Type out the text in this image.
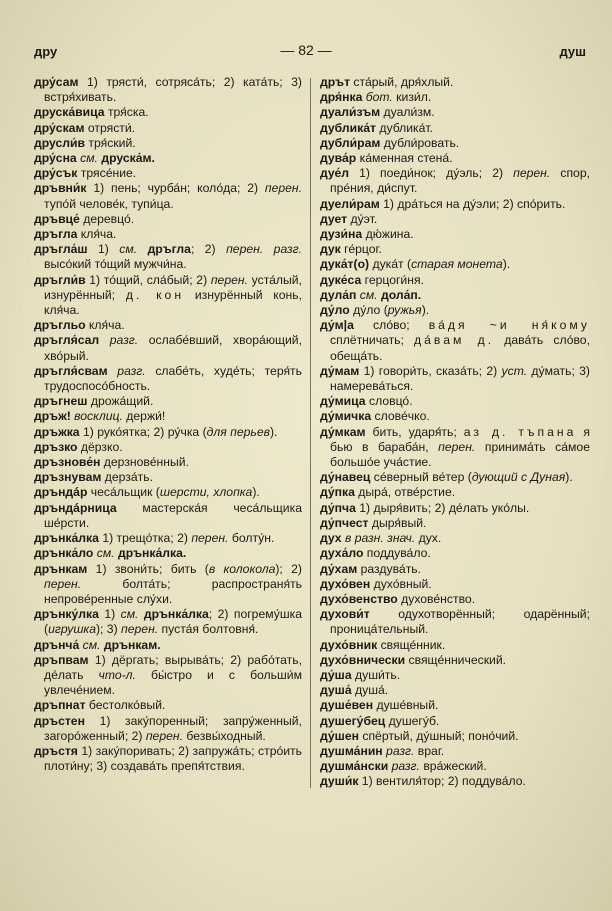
дру	— 82 —	душ
дру́сам 1) трясти́, сотряса́ть; 2) ката́ть; 3) встря́хивать.
друска́вица тря́ска.
дру́скам отрясти́.
друсли́в тря́ский.
дру́сна см. друска́м.
дру́сък трясе́ние.
дръвни́к 1) пень; чурба́н; коло́да; 2) перен. тупо́й челове́к, тупи́ца.
дръвце́ деревцо́.
дръгла кля́ча.
дръгла́ш 1) см. дръгла; 2) перен. разг. высо́кий то́щий мужчи́на.
дръгли́в 1) то́щий, сла́бый; 2) перен. уста́лый, изнурённый; д. кон изнурённый конь, кля́ча.
дръгльо кля́ча.
дръгля́сал разг. ослабе́вший, хвора́ющий, хво́рый.
дръгля́свам разг. слабе́ть, худе́ть; теря́ть трудоспосо́бность.
дръгнеш дрожа́щий.
дръж! восклиц. держи́!
дръжка 1) руко́ятка; 2) ру́чка (для перьев).
дръзко дёрзко.
дръзнове́н дерзнове́нный.
дръзнувам дерза́ть.
дръндáр чеса́льщик (шерсти, хлопка).
дръндáрница мастерска́я чеса́льщика ше́рсти.
дрънка́лка 1) трещо́тка; 2) перен. болту́н.
дрънка́ло см. дрънка́лка.
дрънкам 1) звони́ть; бить (в колокола); 2) перен. болта́ть; распространя́ть непрове́ренные слу́хи.
дрънку́лка 1) см. дрънка́лка; 2) погрему́шка (игрушка); 3) перен. пуста́я болтовня́.
дрънча́ см. дрънкам.
дръпвам 1) дёргать; вырыва́ть; 2) рабо́тать, де́лать что-л. бы́стро и с больши́м увлече́нием.
дръпнат бестолко́вый.
дръстен 1) заку́поренный; запру́женный, загоро́женный; 2) перен. безвы́ходный.
дръстя 1) заку́поривать; 2) запружа́ть; стро́ить плоти́ну; 3) создава́ть препя́тствия.
дрът ста́рый, дря́хлый.
дря́нка бот. кизи́л.
дуали́зъм дуали́зм.
дублика́т дублика́т.
дубли́рам дубли́ровать.
дува́р ка́менная стена́.
дуе́л 1) поеди́нок; ду́эль; 2) перен. спор, пре́ния, ди́спут.
дуели́рам 1) дра́ться на ду́эли; 2) спо́рить.
дует ду́эт.
дузи́на дю́жина.
дук ге́рцог.
дука́т(о) дука́т (старая монета).
дуке́са герцоги́ня.
дула́п см. дола́п.
ду́ло ду́ло (ружья).
ду́м|а сло́во; ва́дя ~и ня́кому сплётничать; да́вам д. дава́ть сло́во, обеща́ть.
ду́мам 1) говори́ть, сказа́ть; 2) уст. ду́мать; 3) намерева́ться.
ду́мица словцо́.
ду́мичка слове́чко.
ду́мкам бить, ударя́ть; аз д. тъпана я бью в бараба́н, перен. принима́ть са́мое большо́е уча́стие.
ду́навец се́верный ве́тер (дующий с Дуная).
ду́пка дыра́, отве́рстие.
ду́пча 1) дыря́вить; 2) де́лать уко́лы.
ду́пчест дыря́вый.
дух в разн. знач. дух.
духа́ло поддува́ло.
ду́хам раздува́ть.
духо́вен духо́вный.
духо́венство духове́нство.
духови́т одухотворённый; одарённый; проница́тельный.
духо́вник свяще́нник.
духо́внически свяще́ннический.
ду́ша души́ть.
душа́ душа́.
душе́вен душе́вный.
душегу́бец душегу́б.
ду́шен спёртый, ду́шный; поно́чий.
душма́нин разг. враг.
душма́нски разг. вра́жеский.
души́к 1) вентиля́тор; 2) поддува́ло.
